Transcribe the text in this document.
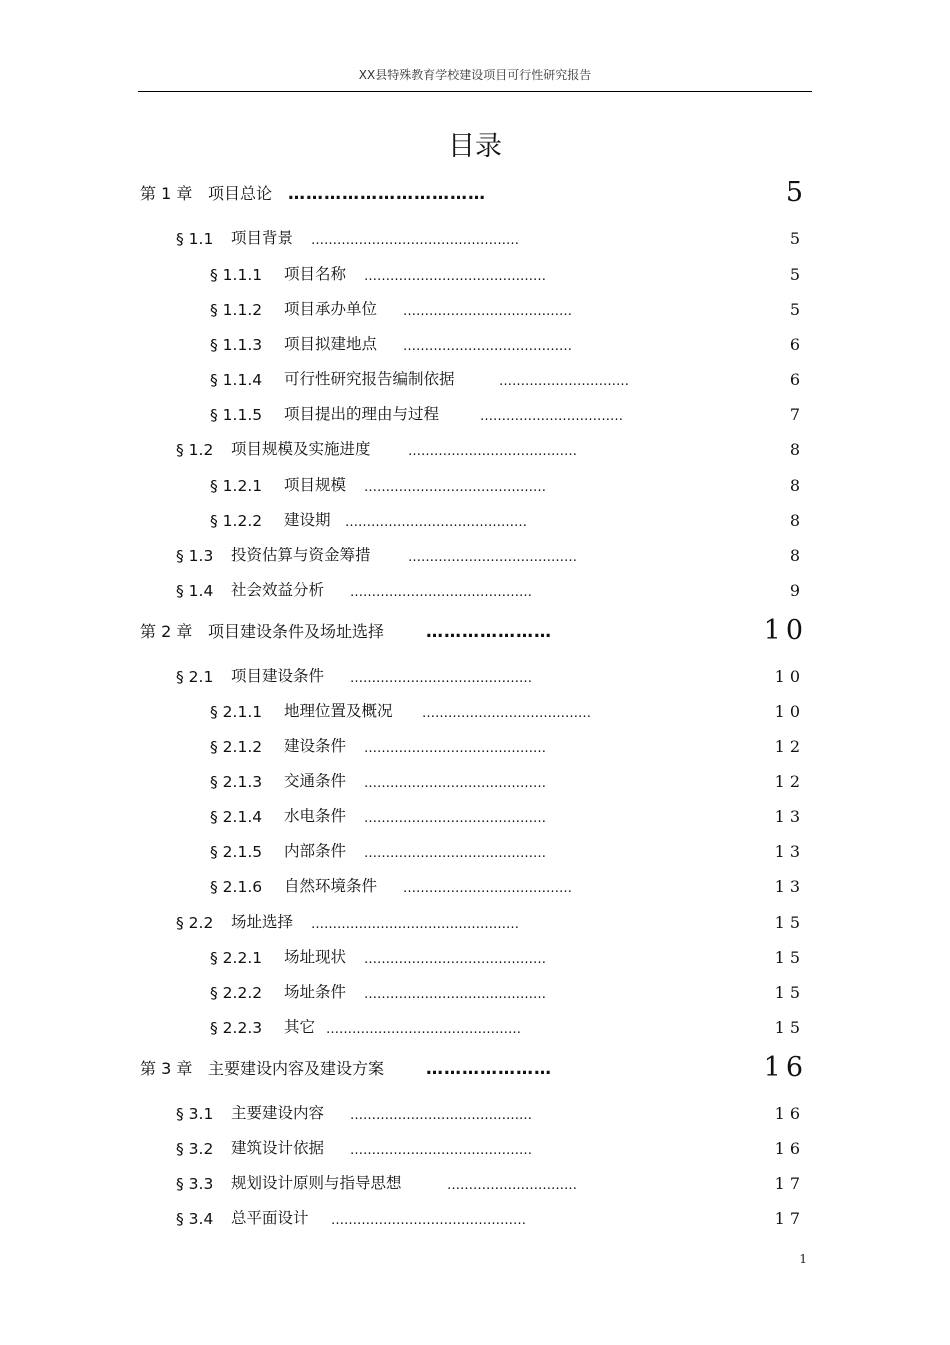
XX县特殊教育学校建设项目可行性研究报告
目录
第 1 章 项目总论 ……………………………	5
§ 1.1 项目背景 …………………………………………	5
§ 1.1.1 项目名称 ……………………………………	5
§ 1.1.2 项目承办单位 …………………………………	5
§ 1.1.3 项目拟建地点 …………………………………	6
§ 1.1.4 可行性研究报告编制依据	…………………………	6
§ 1.1.5 项目提出的理由与过程	……………………………	7
§ 1.2 项目规模及实施进度	…………………………………	8
§ 1.2.1 项目规模 ……………………………………	8
§ 1.2.2 建设期 ……………………………………	8
§ 1.3 投资估算与资金筹措	…………………………………	8
§ 1.4 社会效益分析 ……………………………………	9
第 2 章 项目建设条件及场址选择 …………………	10
§ 2.1 项目建设条件 ……………………………………	10
§ 2.1.1 地理位置及概况 …………………………………	10
§ 2.1.2 建设条件 ……………………………………	12
§ 2.1.3 交通条件 ……………………………………	12
§ 2.1.4 水电条件 ……………………………………	13
§ 2.1.5 内部条件 ……………………………………	13
§ 2.1.6 自然环境条件 …………………………………	13
§ 2.2 场址选择 …………………………………………	15
§ 2.2.1 场址现状 ……………………………………	15
§ 2.2.2 场址条件 ……………………………………	15
§ 2.2.3 其它 ………………………………………	15
第 3 章 主要建设内容及建设方案 …………………	16
§ 3.1 主要建设内容 ……………………………………	16
§ 3.2 建筑设计依据 ……………………………………	16
§ 3.3 规划设计原则与指导思想	…………………………	17
§ 3.4 总平面设计 ………………………………………	17
1
